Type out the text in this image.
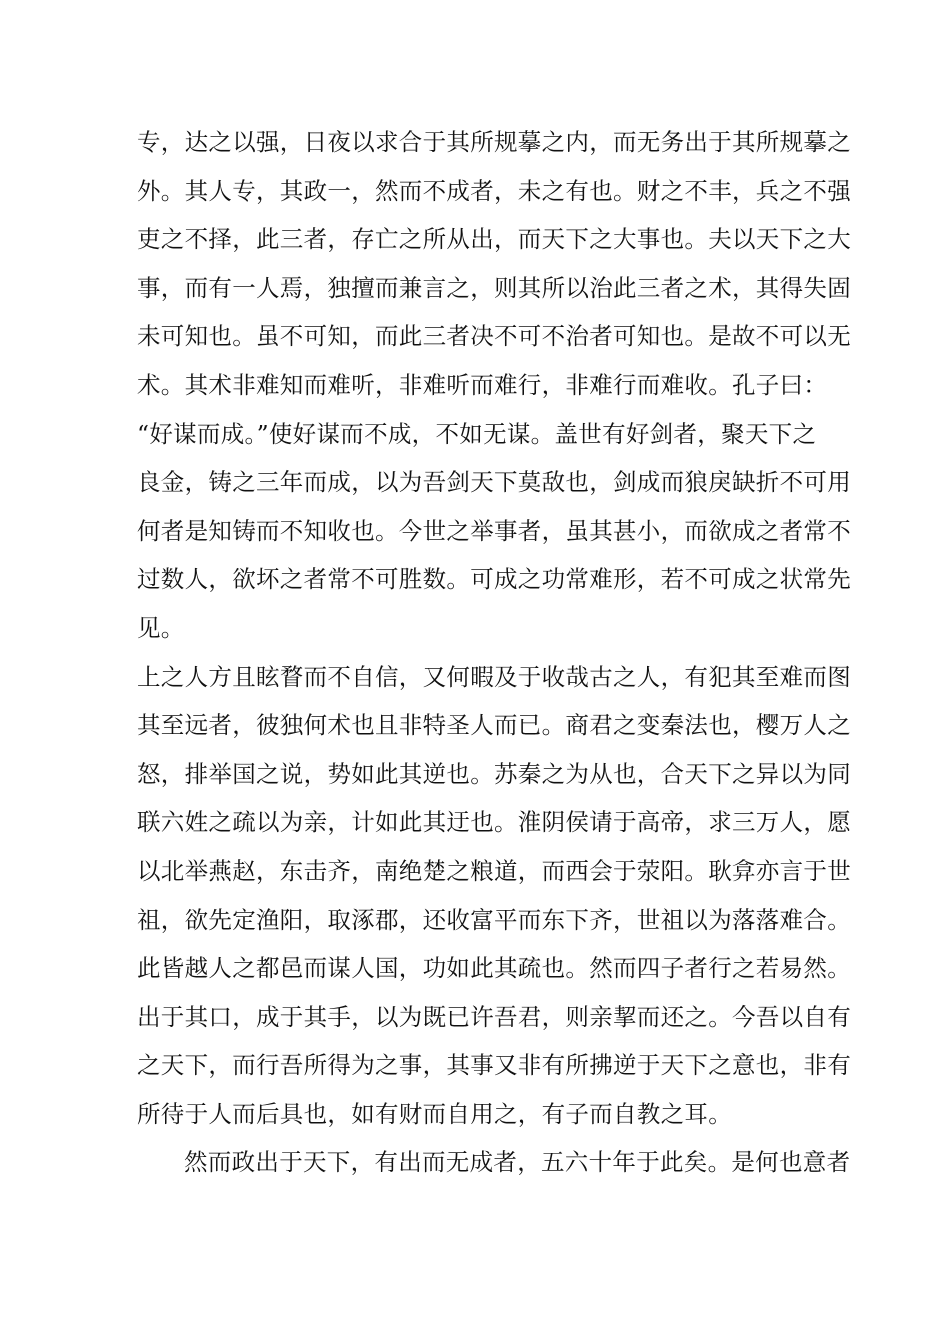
专，达之以强，日夜以求合于其所规摹之内，而无务出于其所规摹之
外。其人专，其政一，然而不成者，未之有也。财之不丰，兵之不强
吏之不择，此三者，存亡之所从出，而天下之大事也。夫以天下之大
事，而有一人焉，独擅而兼言之，则其所以治此三者之术，其得失固
未可知也。虽不可知，而此三者决不可不治者可知也。是故不可以无
术。其术非难知而难听，非难听而难行，非难行而难收。孔子曰：
“好谋而成。”使好谋而不成，不如无谋。盖世有好剑者，聚天下之
良金，铸之三年而成，以为吾剑天下莫敌也，剑成而狼戾缺折不可用
何者是知铸而不知收也。今世之举事者，虽其甚小，而欲成之者常不
过数人，欲坏之者常不可胜数。可成之功常难形，若不可成之状常先
见。
上之人方且眩瞀而不自信，又何暇及于收哉古之人，有犯其至难而图
其至远者，彼独何术也且非特圣人而已。商君之变秦法也，樱万人之
怒，排举国之说，势如此其逆也。苏秦之为从也，合天下之异以为同
联六姓之疏以为亲，计如此其迂也。淮阴侯请于高帝，求三万人，愿
以北举燕赵，东击齐，南绝楚之粮道，而西会于荥阳。耿弇亦言于世
祖，欲先定渔阳，取涿郡，还收富平而东下齐，世祖以为落落难合。
此皆越人之都邑而谋人国，功如此其疏也。然而四子者行之若易然。
出于其口，成于其手，以为既已许吾君，则亲挈而还之。今吾以自有
之天下，而行吾所得为之事，其事又非有所拂逆于天下之意也，非有
所待于人而后具也，如有财而自用之，有子而自教之耳。
然而政出于天下，有出而无成者，五六十年于此矣。是何也意者
